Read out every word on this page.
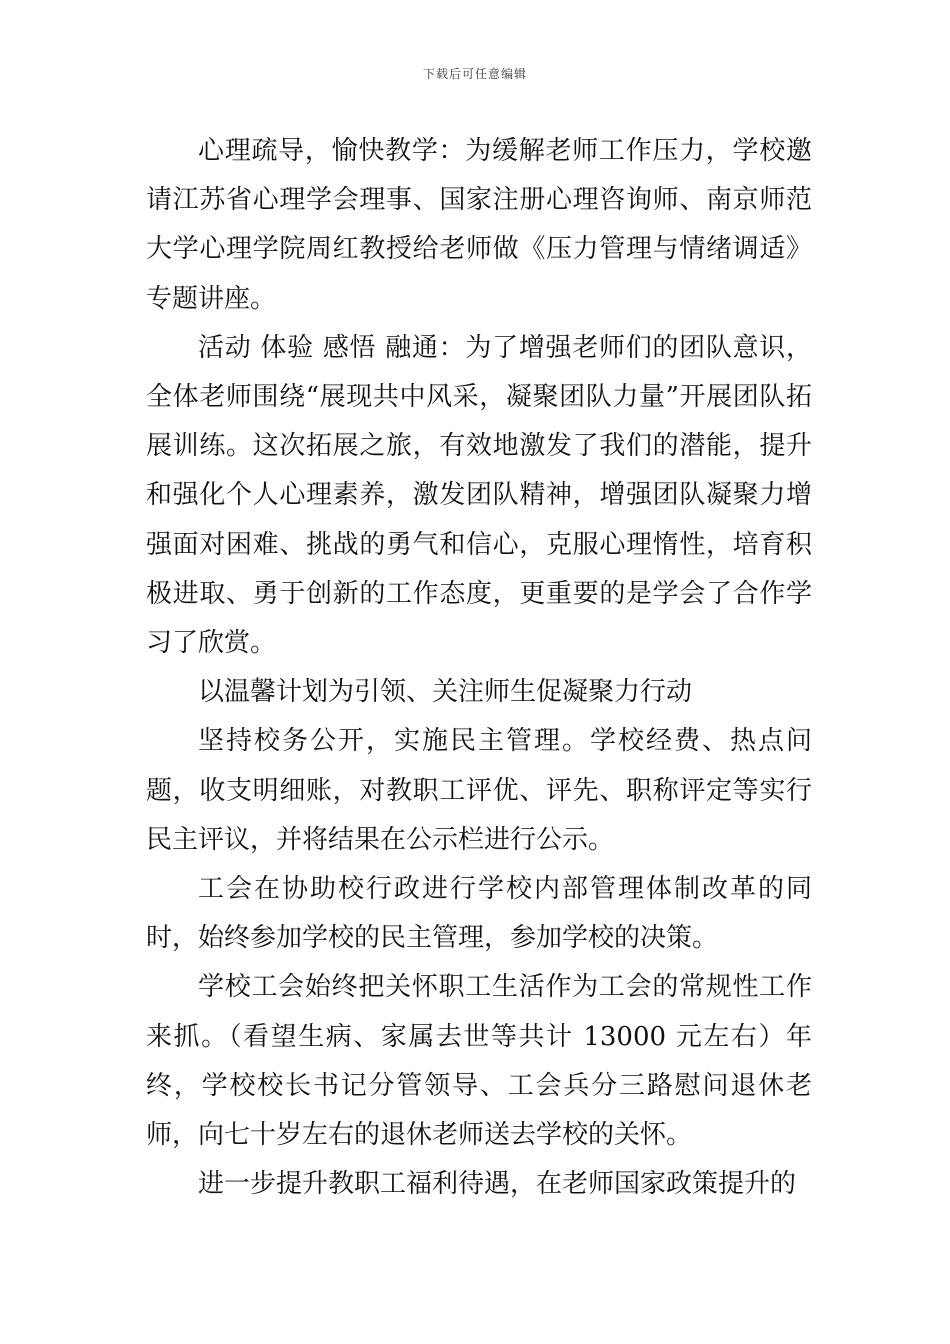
下载后可任意编辑

心理疏导，愉快教学：为缓解老师工作压力，学校邀请江苏省心理学会理事、国家注册心理咨询师、南京师范大学心理学院周红教授给老师做《压力管理与情绪调适》专题讲座。

活动 体验 感悟 融通：为了增强老师们的团队意识，全体老师围绕“展现共中风采，凝聚团队力量”开展团队拓展训练。这次拓展之旅，有效地激发了我们的潜能，提升和强化个人心理素养，激发团队精神，增强团队凝聚力增强面对困难、挑战的勇气和信心，克服心理惰性，培育积极进取、勇于创新的工作态度，更重要的是学会了合作学习了欣赏。

以温馨计划为引领、关注师生促凝聚力行动

坚持校务公开，实施民主管理。学校经费、热点问题，收支明细账，对教职工评优、评先、职称评定等实行民主评议，并将结果在公示栏进行公示。

工会在协助校行政进行学校内部管理体制改革的同时，始终参加学校的民主管理，参加学校的决策。

学校工会始终把关怀职工生活作为工会的常规性工作来抓。（看望生病、家属去世等共计 13000 元左右）年终，学校校长书记分管领导、工会兵分三路慰问退休老师，向七十岁左右的退休老师送去学校的关怀。

进一步提升教职工福利待遇，在老师国家政策提升的
